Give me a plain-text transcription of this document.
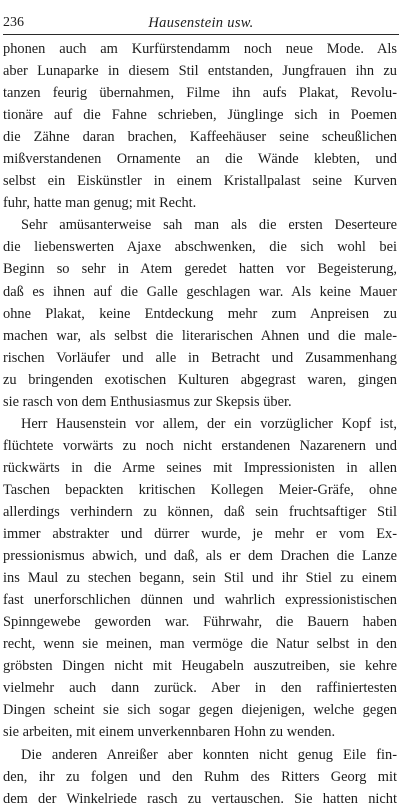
236	Hausenstein usw.
phonen auch am Kurfürstendamm noch neue Mode. Als
aber Lunaparke in diesem Stil entstanden, Jungfrauen ihn zu
tanzen feurig übernahmen, Filme ihn aufs Plakat, Revolu-
tionäre auf die Fahne schrieben, Jünglinge sich in Poemen
die Zähne daran brachen, Kaffeehäuser seine scheußlichen
mißverstandenen Ornamente an die Wände klebten, und
selbst ein Eiskünstler in einem Kristallpalast seine Kurven
fuhr, hatte man genug; mit Recht.
Sehr amüsanterweise sah man als die ersten Deserteure
die liebenswerten Ajaxe abschwenken, die sich wohl bei
Beginn so sehr in Atem geredet hatten vor Begeisterung,
daß es ihnen auf die Galle geschlagen war. Als keine Mauer
ohne Plakat, keine Entdeckung mehr zum Anpreisen zu
machen war, als selbst die literarischen Ahnen und die male-
rischen Vorläufer und alle in Betracht und Zusammenhang
zu bringenden exotischen Kulturen abgegrast waren, gingen
sie rasch von dem Enthusiasmus zur Skepsis über.
Herr Hausenstein vor allem, der ein vorzüglicher Kopf ist,
flüchtete vorwärts zu noch nicht erstandenen Nazarenern und
rückwärts in die Arme seines mit Impressionisten in allen
Taschen bepackten kritischen Kollegen Meier-Gräfe, ohne
allerdings verhindern zu können, daß sein fruchtsaftiger Stil
immer abstrakter und dürrer wurde, je mehr er vom Ex-
pressionismus abwich, und daß, als er dem Drachen die Lanze
ins Maul zu stechen begann, sein Stil und ihr Stiel zu einem
fast unerforschlichen dünnen und wahrlich expressionistischen
Spinngewebe geworden war. Führwahr, die Bauern haben
recht, wenn sie meinen, man vermöge die Natur selbst in den
gröbsten Dingen nicht mit Heugabeln auszutreiben, sie kehre
vielmehr auch dann zurück. Aber in den raffiniertesten
Dingen scheint sie sich sogar gegen diejenigen, welche gegen
sie arbeiten, mit einem unverkennbaren Hohn zu wenden.
Die anderen Anreißer aber konnten nicht genug Eile fin-
den, ihr zu folgen und den Ruhm des Ritters Georg mit
dem der Winkelriede rasch zu vertauschen. Sie hatten nicht
